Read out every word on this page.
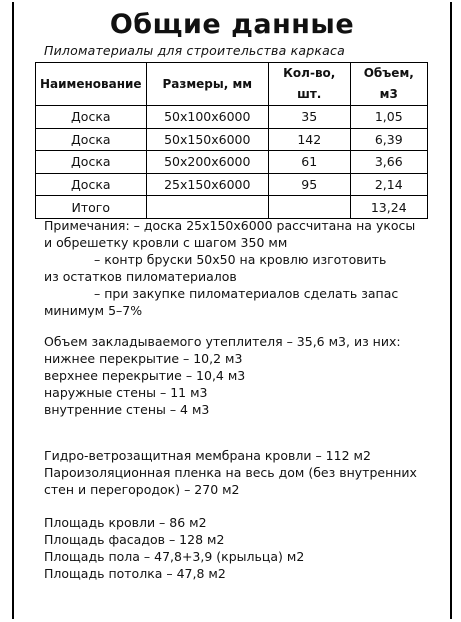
Общие данные
Пиломатериалы для строительства каркаса
Наименование	Размеры, мм	Кол-во, шт.	Объем, м3
Доска	50x100x6000	35	1,05
Доска	50x150x6000	142	6,39
Доска	50x200x6000	61	3,66
Доска	25x150x6000	95	2,14
Итого			13,24

Примечания: – доска 25x150x6000 рассчитана на укосы

и обрешетку кровли с шагом 350 мм

– контр бруски 50x50 на кровлю изготовить

из остатков пиломатериалов

– при закупке пиломатериалов сделать запас

минимум 5–7%

Объем закладываемого утеплителя – 35,6 м3, из них:

нижнее перекрытие – 10,2 м3

верхнее перекрытие – 10,4 м3

наружные стены – 11 м3

внутренние стены – 4 м3

Гидро-ветрозащитная мембрана кровли – 112 м2

Пароизоляционная пленка на весь дом (без внутренних

стен и перегородок) – 270 м2

Площадь кровли – 86 м2

Площадь фасадов – 128 м2

Площадь пола – 47,8+3,9 (крыльца) м2

Площадь потолка – 47,8 м2
